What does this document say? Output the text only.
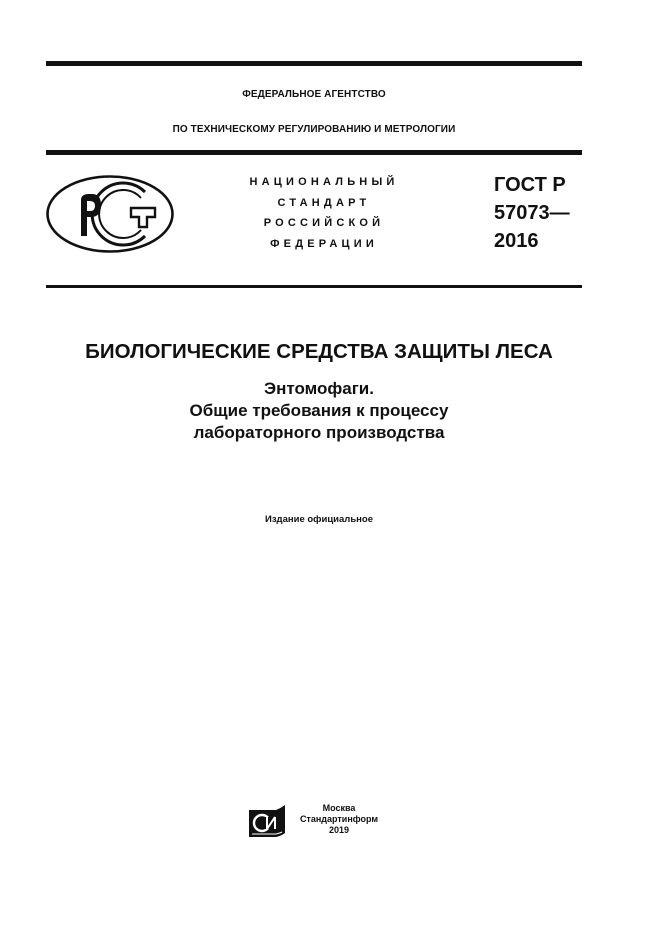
ФЕДЕРАЛЬНОЕ АГЕНТСТВО
ПО ТЕХНИЧЕСКОМУ РЕГУЛИРОВАНИЮ И МЕТРОЛОГИИ
НАЦИОНАЛЬНЫЙ
СТАНДАРТ
РОССИЙСКОЙ
ФЕДЕРАЦИИ
ГОСТ Р
57073—
2016
БИОЛОГИЧЕСКИЕ СРЕДСТВА ЗАЩИТЫ ЛЕСА
Энтомофаги.
Общие требования к процессу
лабораторного производства
Издание официальное
Москва
Стандартинформ
2019
